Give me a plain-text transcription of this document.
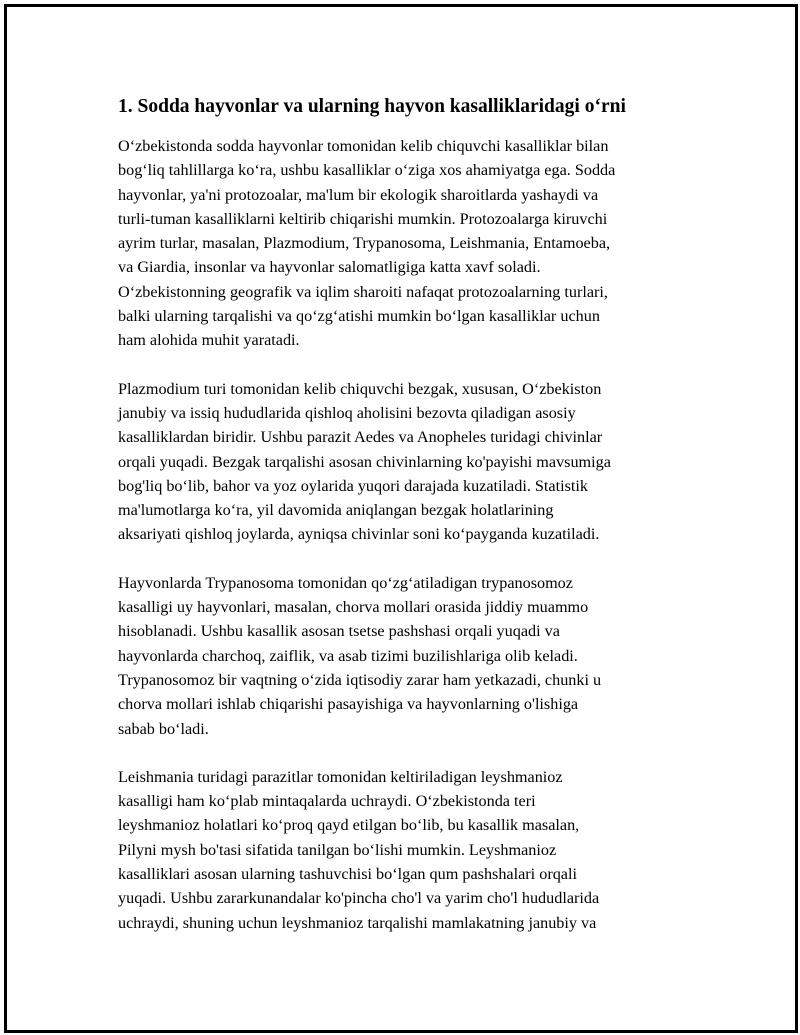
1. Sodda hayvonlar va ularning hayvon kasalliklaridagi o‘rni

O‘zbekistonda sodda hayvonlar tomonidan kelib chiquvchi kasalliklar bilan
bog‘liq tahlillarga ko‘ra, ushbu kasalliklar o‘ziga xos ahamiyatga ega. Sodda
hayvonlar, ya'ni protozoalar, ma'lum bir ekologik sharoitlarda yashaydi va
turli-tuman kasalliklarni keltirib chiqarishi mumkin. Protozoalarga kiruvchi
ayrim turlar, masalan, Plazmodium, Trypanosoma, Leishmania, Entamoeba,
va Giardia, insonlar va hayvonlar salomatligiga katta xavf soladi.
O‘zbekistonning geografik va iqlim sharoiti nafaqat protozoalarning turlari,
balki ularning tarqalishi va qo‘zg‘atishi mumkin bo‘lgan kasalliklar uchun
ham alohida muhit yaratadi.

Plazmodium turi tomonidan kelib chiquvchi bezgak, xususan, O‘zbekiston
janubiy va issiq hududlarida qishloq aholisini bezovta qiladigan asosiy
kasalliklardan biridir. Ushbu parazit Aedes va Anopheles turidagi chivinlar
orqali yuqadi. Bezgak tarqalishi asosan chivinlarning ko'payishi mavsumiga
bog'liq bo‘lib, bahor va yoz oylarida yuqori darajada kuzatiladi. Statistik
ma'lumotlarga ko‘ra, yil davomida aniqlangan bezgak holatlarining
aksariyati qishloq joylarda, ayniqsa chivinlar soni ko‘payganda kuzatiladi.

Hayvonlarda Trypanosoma tomonidan qo‘zg‘atiladigan trypanosomoz
kasalligi uy hayvonlari, masalan, chorva mollari orasida jiddiy muammo
hisoblanadi. Ushbu kasallik asosan tsetse pashshasi orqali yuqadi va
hayvonlarda charchoq, zaiflik, va asab tizimi buzilishlariga olib keladi.
Trypanosomoz bir vaqtning o‘zida iqtisodiy zarar ham yetkazadi, chunki u
chorva mollari ishlab chiqarishi pasayishiga va hayvonlarning o'lishiga
sabab bo‘ladi.

Leishmania turidagi parazitlar tomonidan keltiriladigan leyshmanioz
kasalligi ham ko‘plab mintaqalarda uchraydi. O‘zbekistonda teri
leyshmanioz holatlari ko‘proq qayd etilgan bo‘lib, bu kasallik masalan,
Pilyni mysh bo'tasi sifatida tanilgan bo‘lishi mumkin. Leyshmanioz
kasalliklari asosan ularning tashuvchisi bo‘lgan qum pashshalari orqali
yuqadi. Ushbu zararkunandalar ko'pincha cho'l va yarim cho'l hududlarida
uchraydi, shuning uchun leyshmanioz tarqalishi mamlakatning janubiy va
